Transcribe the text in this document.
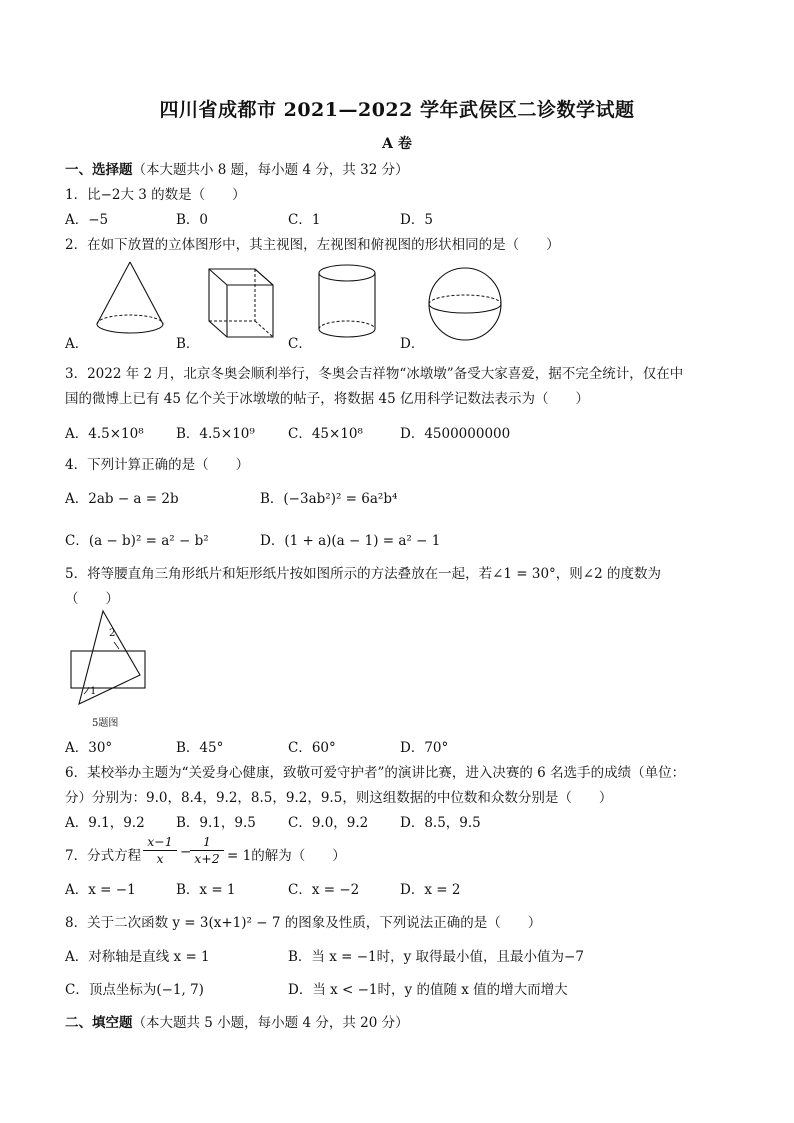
四川省成都市 2021—2022 学年武侯区二诊数学试题
A 卷
一、选择题（本大题共小 8 题，每小题 4 分，共 32 分）
1．比−2大 3 的数是（　　）
A．−5	B．0	C．1	D．5
2．在如下放置的立体图形中，其主视图，左视图和俯视图的形状相同的是（　　）
A．	B．	C．	D．
3．2022 年 2 月，北京冬奥会顺利举行，冬奥会吉祥物“冰墩墩”备受大家喜爱，据不完全统计，仅在中
国的微博上已有 45 亿个关于冰墩墩的帖子，将数据 45 亿用科学记数法表示为（　　）
A．4.5×10⁸ B．4.5×10⁹ C．45×10⁸	D．4500000000
4．下列计算正确的是（　　）
A．2ab − a = 2b	B．(−3ab²)² = 6a²b⁴
C．(a − b)² = a² − b²	D．(1 + a)(a − 1) = a² − 1
5．将等腰直角三角形纸片和矩形纸片按如图所示的方法叠放在一起，若∠1 = 30°，则∠2 的度数为
（　　）
2
1
5题图
A．30°	B．45°	C．60°	D．70°
6．某校举办主题为“关爱身心健康，致敬可爱守护者”的演讲比赛，进入决赛的 6 名选手的成绩（单位：
分）分别为：9.0，8.4，9.2，8.5，9.2，9.5，则这组数据的中位数和众数分别是（　　）
A．9.1，9.2 B．9.1，9.5 C．9.0，9.2 D．8.5，9.5
7．分式方程 $\frac{x-1}{x}$ −
$\frac{1}{x+2} = 1$的解为（　　）
A．x = −1	B．x = 1	C．x = −2	D．x = 2
8．关于二次函数 y = 3(x+1)² − 7 的图象及性质，下列说法正确的是（　　）
A．对称轴是直线 x = 1	B．当 x = −1时，y 取得最小值，且最小值为−7
C．顶点坐标为(−1, 7)	D．当 x < −1时，y 的值随 x 值的增大而增大
二、填空题（本大题共 5 小题，每小题 4 分，共 20 分）
